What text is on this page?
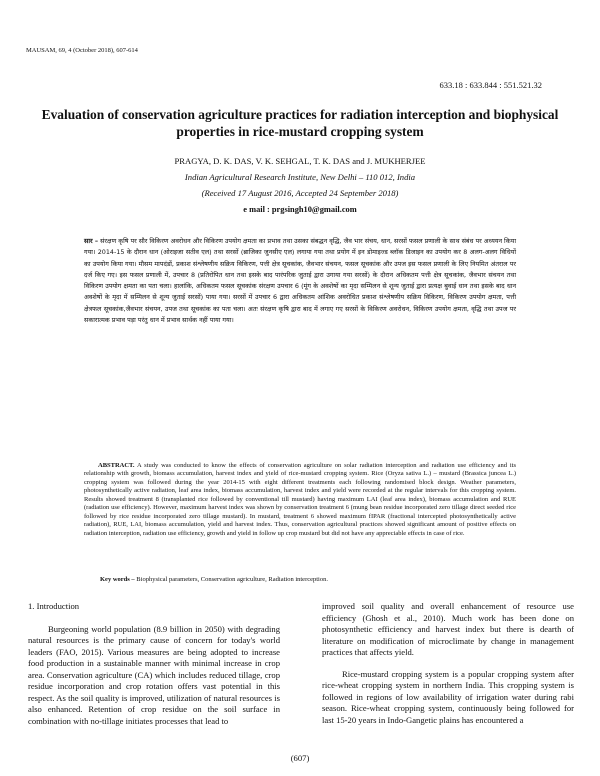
MAUSAM, 69, 4 (October 2018), 607-614
633.18 : 633.844 : 551.521.32
Evaluation of conservation agriculture practices for radiation interception and biophysical properties in rice-mustard cropping system
PRAGYA, D. K. DAS, V. K. SEHGAL, T. K. DAS and J. MUKHERJEE
Indian Agricultural Research Institute, New Delhi – 110 012, India
(Received 17 August 2016, Accepted 24 September 2018)
e mail : prgsingh10@gmail.com
सार – संरक्षण कृषि पर सौर विकिरण अवरोधन और विकिरण उपयोग क्षमता का प्रभाव तथा उसका संबद्धन वृद्धि, जैव भार संचय, धान, सरसों फसल प्रणाली के साथ संबंध पर अध्ययन किया गया। 2014-15 के दौरान धान (ओराइजा सतीव एल) तथा सरसों (ब्राजिका जुनसीए एल) लगाया गया तथा प्रयोग में इन डोमाइज्ड ब्लॉक डिजाइन का उपयोग कर 8 अलग-अलग विधियों का उपयोग किया गया। मौसम मापदंडों, प्रकाश संश्लेषणीय सक्रिय विकिरण, पत्ती क्षेत्र सूचकांक, जैवभार संचयन, फसल सूचकांक और उपज इस फसल प्रणाली के लिए नियमित अंतराल पर दर्ज किए गए। इस फसल प्रणाली में, उपचार 8 (प्रतिरोपित धान तथा इसके बाद पारंपरिक जुताई द्वारा उगाया गया सरसों) के दौरान अधिकतम पत्ती क्षेत्र सूचकांक, जैवभार संचयन तथा विकिरण उपयोग क्षमता का पता चला। हालांकि, अधिकतम फसल सूचकांक संरक्षण उपचार 6 (मूंग के अवशेषों का मृदा सम्मिलन से शून्य जुताई द्वारा प्रत्यक्ष बुवाई धान तथा इसके बाद धान अवशेषों के मृदा में सम्मिलन से शून्य जुताई सरसों) पाया गया। सरसों में उपचार 6 द्वारा अधिकतम आंशिक अवरोधित प्रकाश संश्लेषणीय सक्रिय विकिरण, विकिरण उपयोग क्षमता, पत्ती क्षेत्रफल सूचकांक,जैवभार संचयन, उपज तथा सूचकांक का पता चला। अतः संरक्षण कृषि द्वारा बाद में लगाए गए सरसों के विकिरण अवरोधन, विकिरण उपयोग क्षमता, वृद्धि तथा उपज पर सकारात्मक प्रभाव पड़ा परंतु धान में प्रभाव सार्थक नहीं पाया गया।
ABSTRACT. A study was conducted to know the effects of conservation agriculture on solar radiation interception and radiation use efficiency and its relationship with growth, biomass accumulation, harvest index and yield of rice-mustard cropping system. Rice (Oryza sativa L.) – mustard (Brassica juncea L.) cropping system was followed during the year 2014-15 with eight different treatments each following randomised block design. Weather parameters, photosynthetically active radiation, leaf area index, biomass accumulation, harvest index and yield were recorded at the regular intervals for this cropping system. Results showed treatment 8 (transplanted rice followed by conventional till mustard) having maximum LAI (leaf area index), biomass accumulation and RUE (radiation use efficiency). However, maximum harvest index was shown by conservation treatment 6 (mung bean residue incorporated zero tillage direct seeded rice followed by rice residue incorporated zero tillage mustard). In mustard, treatment 6 showed maximum fIPAR (fractional intercepted photosynthetically active radiation), RUE, LAI, biomass accumulation, yield and harvest index. Thus, conservation agricultural practices showed significant amount of positive effects on radiation interception, radiation use efficiency, growth and yield in follow up crop mustard but did not have any appreciable effects in case of rice.
Key words – Biophysical parameters, Conservation agriculture, Radiation interception.
1. Introduction
Burgeoning world population (8.9 billion in 2050) with degrading natural resources is the primary cause of concern for today's world leaders (FAO, 2015). Various measures are being adopted to increase food production in a sustainable manner with minimal increase in crop area. Conservation agriculture (CA) which includes reduced tillage, crop residue incorporation and crop rotation offers vast potential in this respect. As the soil quality is improved, utilization of natural resources is also enhanced. Retention of crop residue on the soil surface in combination with no-tillage initiates processes that lead to
improved soil quality and overall enhancement of resource use efficiency (Ghosh et al., 2010). Much work has been done on photosynthetic efficiency and harvest index but there is dearth of literature on modification of microclimate by change in management practices that affects yield.
Rice-mustard cropping system is a popular cropping system after rice-wheat cropping system in northern India. This cropping system is followed in regions of low availability of irrigation water during rabi season. Rice-wheat cropping system, continuously being followed for last 15-20 years in Indo-Gangetic plains has encountered a
(607)
